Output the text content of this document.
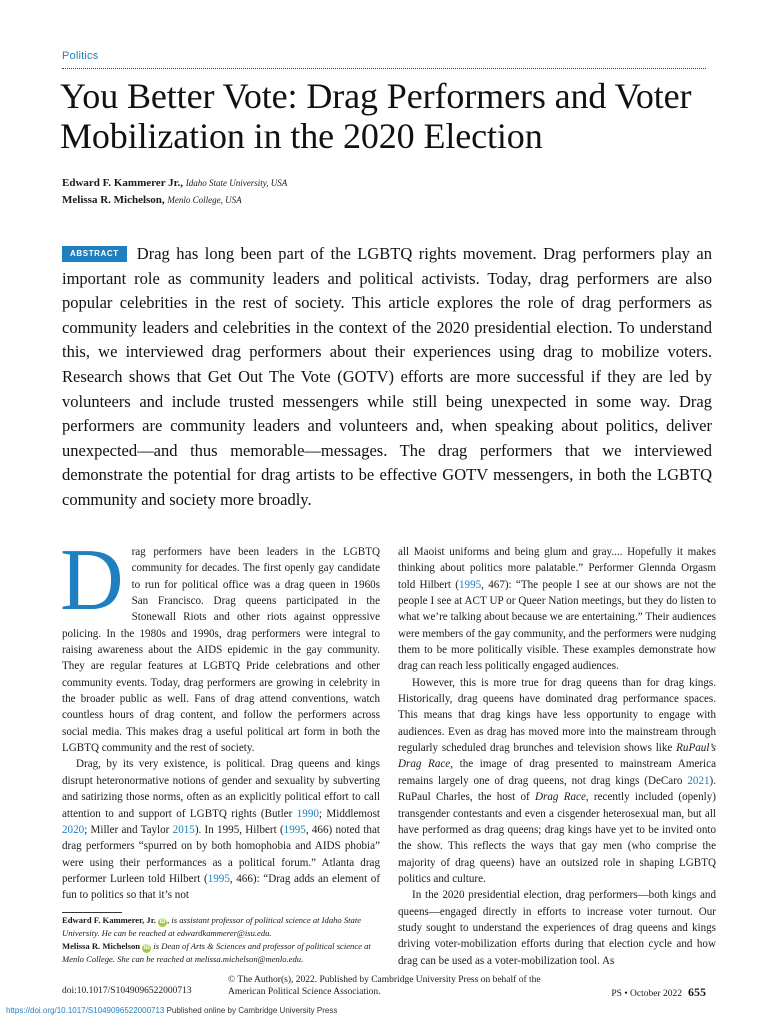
Politics
You Better Vote: Drag Performers and Voter Mobilization in the 2020 Election
Edward F. Kammerer Jr., Idaho State University, USA
Melissa R. Michelson, Menlo College, USA
ABSTRACT Drag has long been part of the LGBTQ rights movement. Drag performers play an important role as community leaders and political activists. Today, drag performers are also popular celebrities in the rest of society. This article explores the role of drag performers as community leaders and celebrities in the context of the 2020 presidential election. To understand this, we interviewed drag performers about their experiences using drag to mobilize voters. Research shows that Get Out The Vote (GOTV) efforts are more successful if they are led by volunteers and include trusted messengers while still being unexpected in some way. Drag performers are community leaders and volunteers and, when speaking about politics, deliver unexpected—and thus memorable—messages. The drag performers that we interviewed demonstrate the potential for drag artists to be effective GOTV messengers, in both the LGBTQ community and society more broadly.

Drag performers have been leaders in the LGBTQ community for decades. The first openly gay candidate to run for political office was a drag queen in 1960s San Francisco. Drag queens participated in the Stonewall Riots and other riots against oppressive policing. In the 1980s and 1990s, drag performers were integral to raising awareness about the AIDS epidemic in the gay community. They are regular features at LGBTQ Pride celebrations and other community events. Today, drag performers are growing in celebrity in the broader public as well. Fans of drag attend conventions, watch countless hours of drag content, and follow the performers across social media. This makes drag a useful political art form in both the LGBTQ community and the rest of society.

Drag, by its very existence, is political. Drag queens and kings disrupt heteronormative notions of gender and sexuality by subverting and satirizing those norms, often as an explicitly political effort to call attention to and support of LGBTQ rights (Butler 1990; Middlemost 2020; Miller and Taylor 2015). In 1995, Hilbert (1995, 466) noted that drag performers “spurred on by both homophobia and AIDS phobia” were using their performances as a political forum.” Atlanta drag performer Lurleen told Hilbert (1995, 466): “Drag adds an element of fun to politics so that it’s not

all Maoist uniforms and being glum and gray.... Hopefully it makes thinking about politics more palatable.” Performer Glennda Orgasm told Hilbert (1995, 467): “The people I see at our shows are not the people I see at ACT UP or Queer Nation meetings, but they do listen to what we’re talking about because we are entertaining.” Their audiences were members of the gay community, and the performers were nudging them to be more politically visible. These examples demonstrate how drag can reach less politically engaged audiences.

However, this is more true for drag queens than for drag kings. Historically, drag queens have dominated drag performance spaces. This means that drag kings have less opportunity to engage with audiences. Even as drag has moved more into the mainstream through regularly scheduled drag brunches and television shows like RuPaul’s Drag Race, the image of drag presented to mainstream America remains largely one of drag queens, not drag kings (DeCaro 2021). RuPaul Charles, the host of Drag Race, recently included (openly) transgender contestants and even a cisgender heterosexual man, but all have performed as drag queens; drag kings have yet to be invited onto the show. This reflects the ways that gay men (who comprise the majority of drag queens) have an outsized role in shaping LGBTQ politics and culture.

In the 2020 presidential election, drag performers—both kings and queens—engaged directly in efforts to increase voter turnout. Our study sought to understand the experiences of drag queens and kings driving voter-mobilization efforts during that election cycle and how drag can be used as a voter-mobilization tool. As

Edward F. Kammerer, Jr. iD , is assistant professor of political science at Idaho State University. He can be reached at edwardkammerer@isu.edu.
Melissa R. Michelson iD is Dean of Arts & Sciences and professor of political science at Menlo College. She can be reached at melissa.michelson@menlo.edu.
© The Author(s), 2022. Published by Cambridge University Press on behalf of the American Political Science Association.
doi:10.1017/S1049096522000713	PS • October 2022 655
https://doi.org/10.1017/S1049096522000713 Published online by Cambridge University Press
